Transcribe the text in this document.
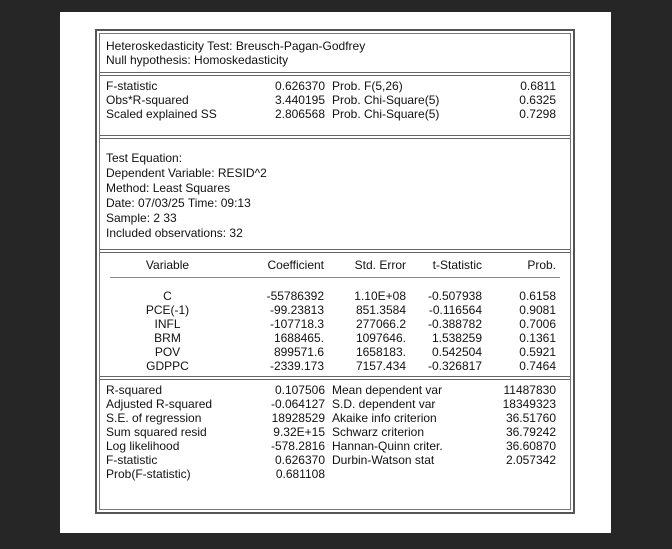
Heteroskedasticity Test: Breusch-Pagan-Godfrey
Null hypothesis: Homoskedasticity
F-statistic	0.626370 Prob. F(5,26)	0.6811
Obs*R-squared	3.440195 Prob. Chi-Square(5)	0.6325
Scaled explained SS	2.806568 Prob. Chi-Square(5)	0.7298
Test Equation:
Dependent Variable: RESID^2
Method: Least Squares
Date: 07/03/25 Time: 09:13
Sample: 2 33
Included observations: 32
Variable	Coefficient	Std. Error	t-Statistic	Prob.
C	-55786392	1.10E+08	-0.507938	0.6158
PCE(-1)	-99.23813	851.3584	-0.116564	0.9081
INFL	-107718.3	277066.2	-0.388782	0.7006
BRM	1688465.	1097646.	1.538259	0.1361
POV	899571.6	1658183.	0.542504	0.5921
GDPPC	-2339.173	7157.434	-0.326817	0.7464
R-squared	0.107506 Mean dependent var	11487830
Adjusted R-squared	-0.064127 S.D. dependent var	18349323
S.E. of regression	18928529 Akaike info criterion	36.51760
Sum squared resid	9.32E+15 Schwarz criterion	36.79242
Log likelihood	-578.2816 Hannan-Quinn criter.	36.60870
F-statistic	0.626370 Durbin-Watson stat	2.057342
Prob(F-statistic)	0.681108
